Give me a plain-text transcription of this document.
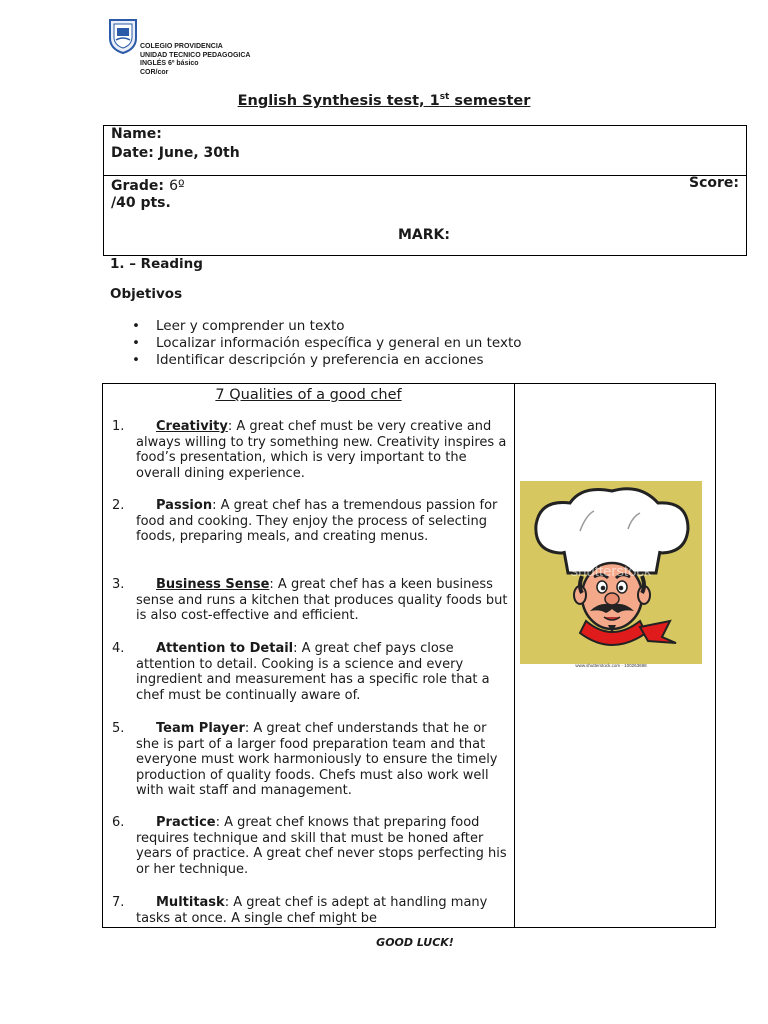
COLEGIO PROVIDENCIA
UNIDAD TECNICO PEDAGOGICA
INGLÉS 6º básico
COR/cor
English Synthesis test, 1st semester
Name:
Date: June, 30th
Grade: 6º	Score:
/40 pts.
MARK:
1. – Reading
Objetivos
• Leer y comprender un texto
• Localizar información específica y general en un texto
• Identificar descripción y preferencia en acciones
7 Qualities of a good chef
1. Creativity: A great chef must be very creative and always willing to try something new. Creativity inspires a food’s presentation, which is very important to the overall dining experience.
2. Passion: A great chef has a tremendous passion for food and cooking. They enjoy the process of selecting foods, preparing meals, and creating menus.
3. Business Sense: A great chef has a keen business sense and runs a kitchen that produces quality foods but is also cost-effective and efficient.
4. Attention to Detail: A great chef pays close attention to detail. Cooking is a science and every ingredient and measurement has a specific role that a chef must be continually aware of.
5. Team Player: A great chef understands that he or she is part of a larger food preparation team and that everyone must work harmoniously to ensure the timely production of quality foods. Chefs must also work well with wait staff and management.
6. Practice: A great chef knows that preparing food requires technique and skill that must be honed after years of practice. A great chef never stops perfecting his or her technique.
7. Multitask: A great chef is adept at handling many tasks at once. A single chef might be
shutterstock
www.shutterstock.com · 100263698
GOOD LUCK!
